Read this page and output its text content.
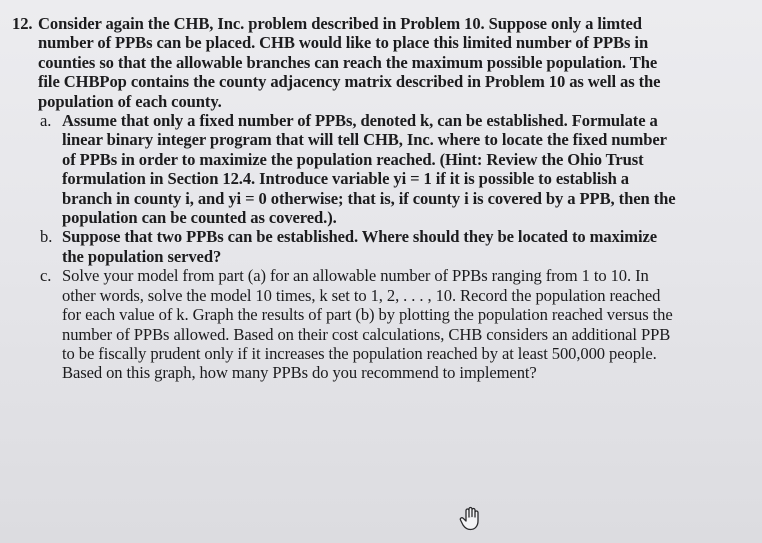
12. Consider again the CHB, Inc. problem described in Problem 10. Suppose only a limted number of PPBs can be placed. CHB would like to place this limited number of PPBs in counties so that the allowable branches can reach the maximum possible population. The file CHBPop contains the county adjacency matrix described in Problem 10 as well as the population of each county.
a. Assume that only a fixed number of PPBs, denoted k, can be established. Formulate a linear binary integer program that will tell CHB, Inc. where to locate the fixed number of PPBs in order to maximize the population reached. (Hint: Review the Ohio Trust formulation in Section 12.4. Introduce variable yi = 1 if it is possible to establish a branch in county i, and yi = 0 otherwise; that is, if county i is covered by a PPB, then the population can be counted as covered.).
b. Suppose that two PPBs can be established. Where should they be located to maximize the population served?
c. Solve your model from part (a) for an allowable number of PPBs ranging from 1 to 10. In other words, solve the model 10 times, k set to 1, 2, . . . , 10. Record the population reached for each value of k. Graph the results of part (b) by plotting the population reached versus the number of PPBs allowed. Based on their cost calculations, CHB considers an additional PPB to be fiscally prudent only if it increases the population reached by at least 500,000 people. Based on this graph, how many PPBs do you recommend to implement?
